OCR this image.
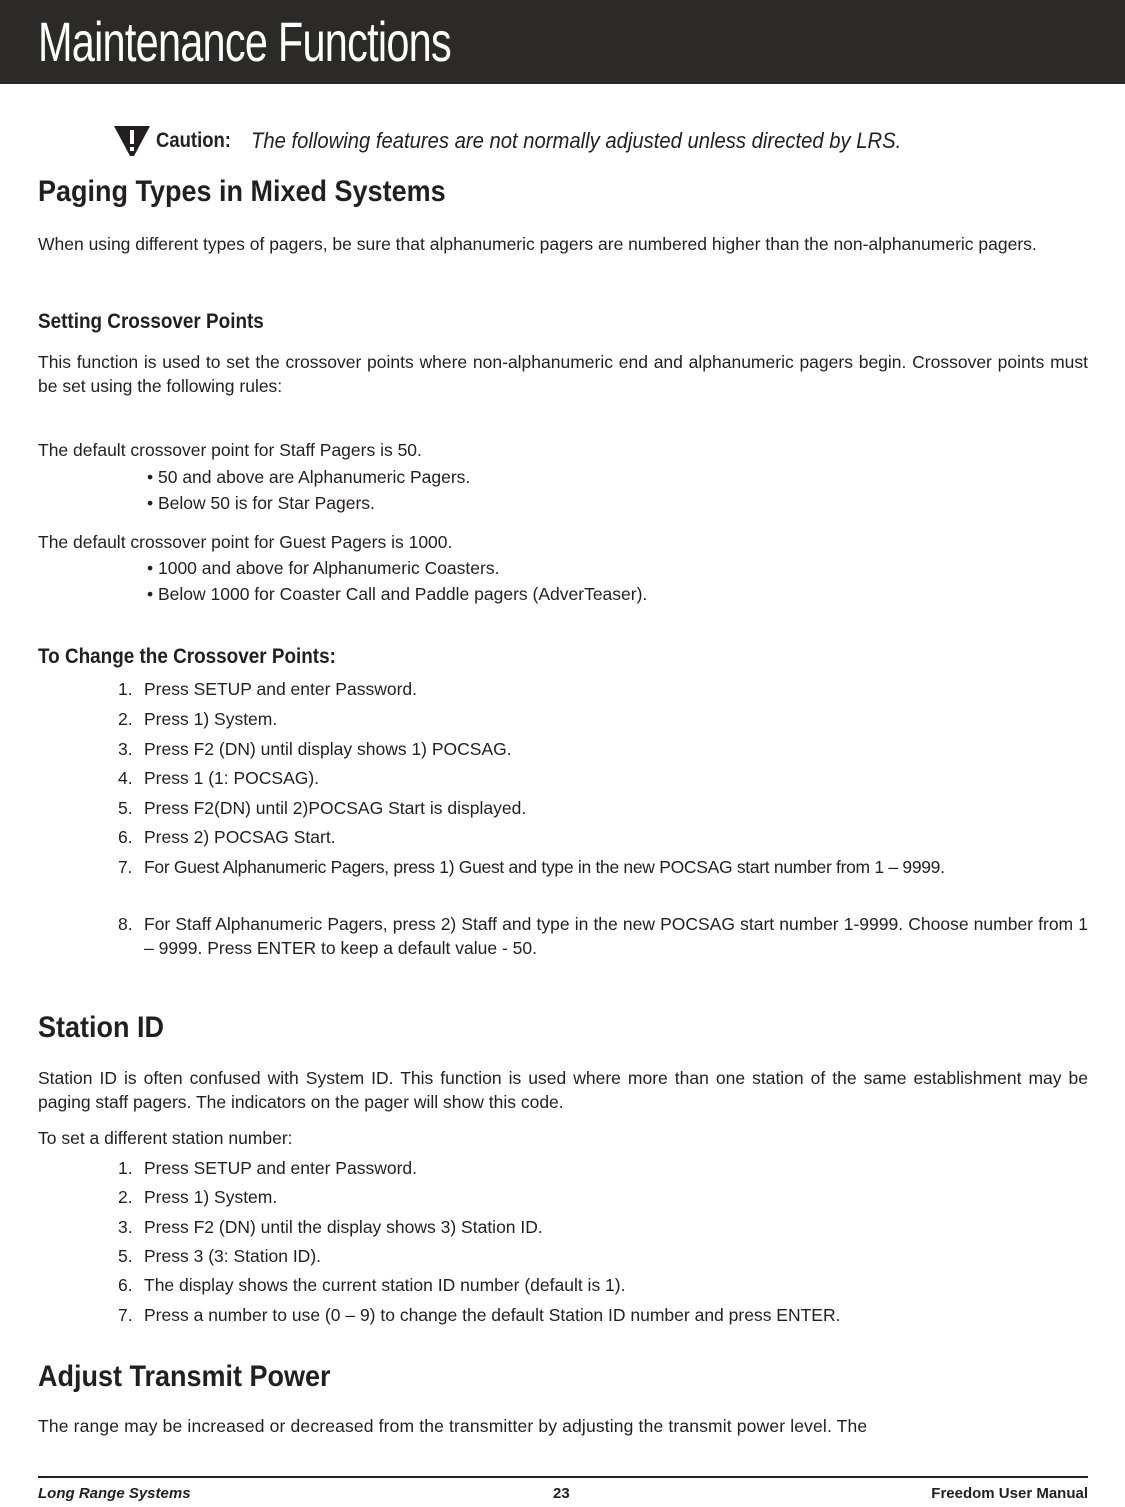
Maintenance Functions
Caution: The following features are not normally adjusted unless directed by LRS.
Paging Types in Mixed Systems

When using different types of pagers, be sure that alphanumeric pagers are numbered higher than the non-alphanumeric pagers.

Setting Crossover Points

This function is used to set the crossover points where non-alphanumeric end and alphanumeric pagers begin. Crossover points must be set using the following rules:

The default crossover point for Staff Pagers is 50.
• 50 and above are Alphanumeric Pagers.
• Below 50 is for Star Pagers.
The default crossover point for Guest Pagers is 1000.
• 1000 and above for Alphanumeric Coasters.
• Below 1000 for Coaster Call and Paddle pagers (AdverTeaser).
To Change the Crossover Points:
1. Press SETUP and enter Password.
2. Press 1) System.
3. Press F2 (DN) until display shows 1) POCSAG.
4. Press 1 (1: POCSAG).
5. Press F2(DN) until 2)POCSAG Start is displayed.
6. Press 2) POCSAG Start.
7. For Guest Alphanumeric Pagers, press 1) Guest and type in the new POCSAG start number from 1 – 9999.
8. For Staff Alphanumeric Pagers, press 2) Staff and type in the new POCSAG start number 1-9999. Choose number from 1 – 9999. Press ENTER to keep a default value - 50.
Station ID

Station ID is often confused with System ID. This function is used where more than one station of the same establishment may be paging staff pagers. The indicators on the pager will show this code.

To set a different station number:
1. Press SETUP and enter Password.
2. Press 1) System.
3. Press F2 (DN) until the display shows 3) Station ID.
5. Press 3 (3: Station ID).
6. The display shows the current station ID number (default is 1).
7. Press a number to use (0 – 9) to change the default Station ID number and press ENTER.
Adjust Transmit Power

The range may be increased or decreased from the transmitter by adjusting the transmit power level. The

Long Range Systems	23	Freedom User Manual
